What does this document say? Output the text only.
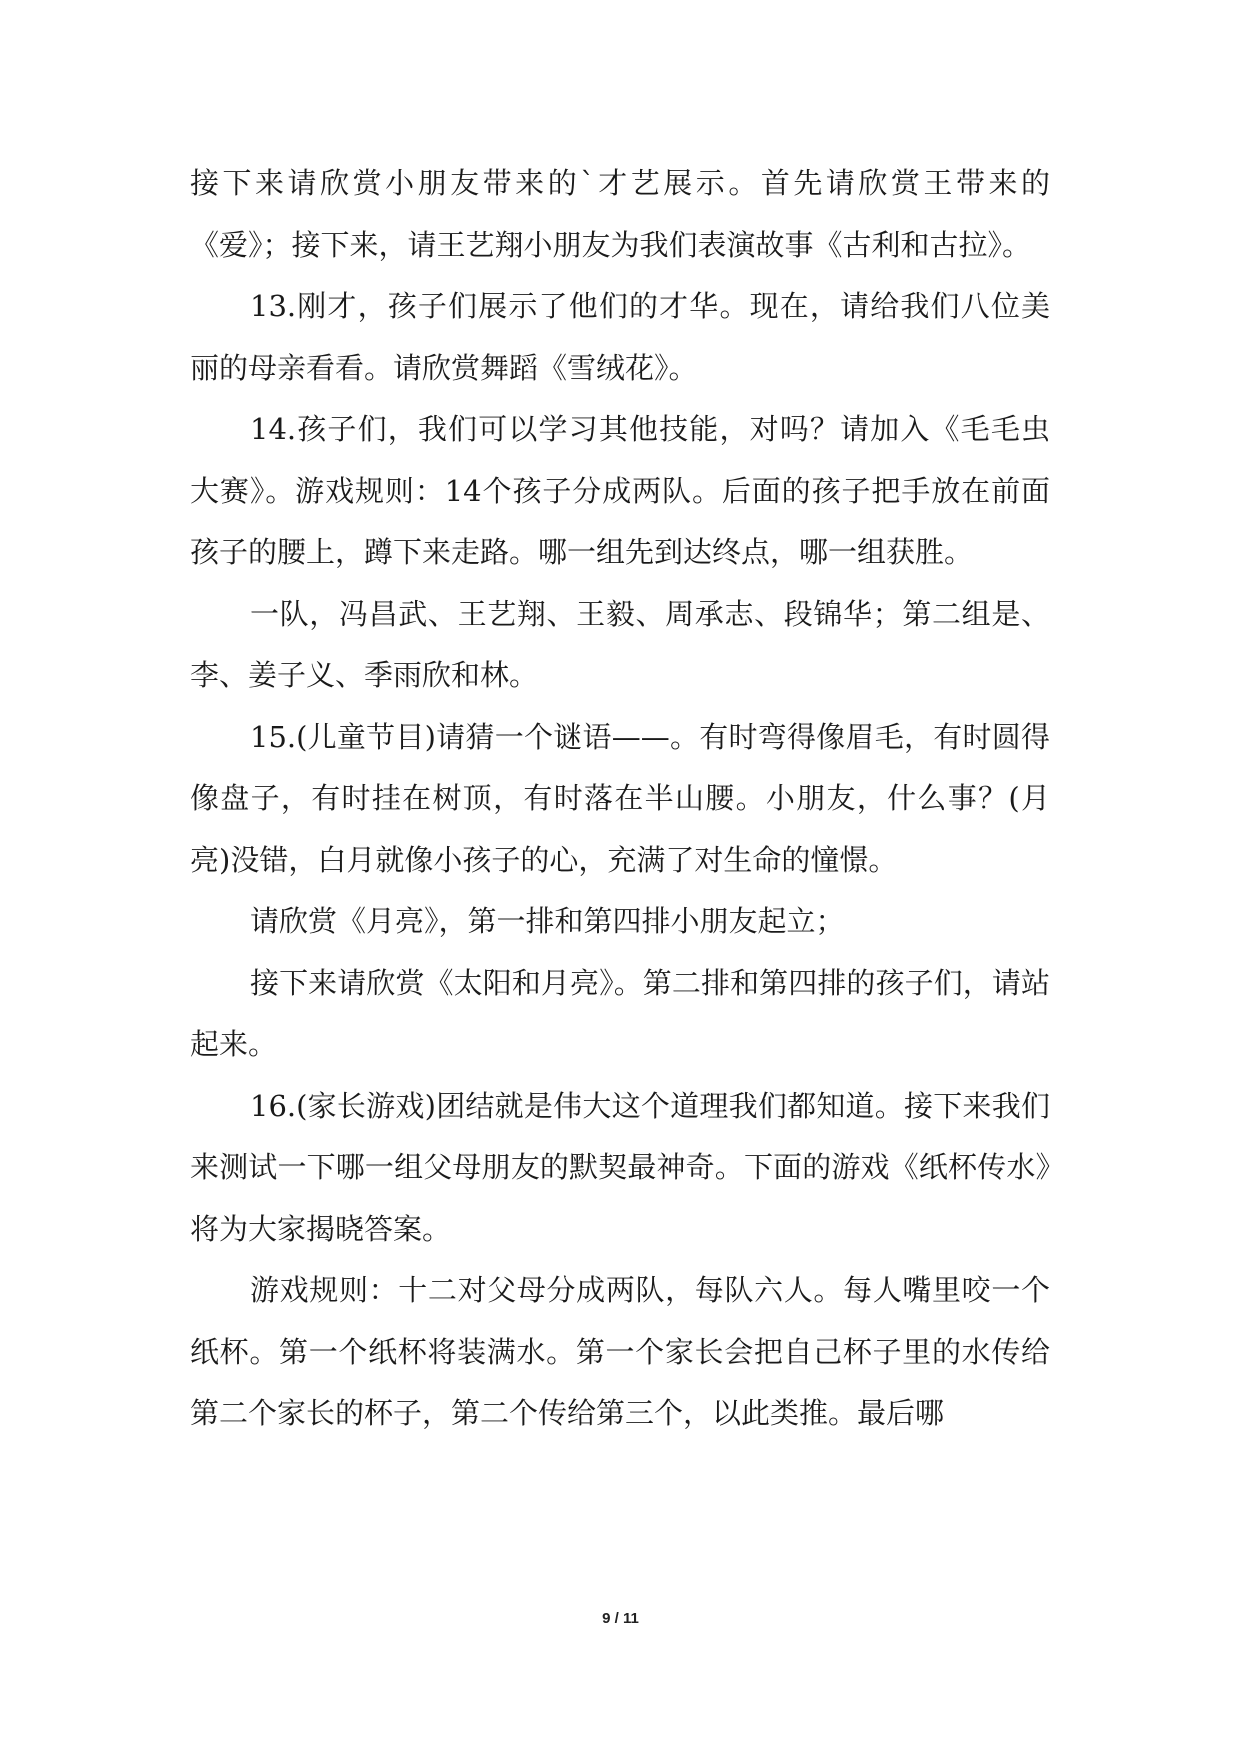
接下来请欣赏小朋友带来的`才艺展示。首先请欣赏王带来的《爱》；接下来，请王艺翔小朋友为我们表演故事《古利和古拉》。

13.刚才，孩子们展示了他们的才华。现在，请给我们八位美丽的母亲看看。请欣赏舞蹈《雪绒花》。

14.孩子们，我们可以学习其他技能，对吗？请加入《毛毛虫大赛》。游戏规则：14个孩子分成两队。后面的孩子把手放在前面孩子的腰上，蹲下来走路。哪一组先到达终点，哪一组获胜。

一队，冯昌武、王艺翔、王毅、周承志、段锦华；第二组是、李、姜子义、季雨欣和林。

15.(儿童节目)请猜一个谜语——。有时弯得像眉毛，有时圆得像盘子，有时挂在树顶，有时落在半山腰。小朋友，什么事？(月亮)没错，白月就像小孩子的心，充满了对生命的憧憬。

请欣赏《月亮》，第一排和第四排小朋友起立；

接下来请欣赏《太阳和月亮》。第二排和第四排的孩子们，请站起来。

16.(家长游戏)团结就是伟大这个道理我们都知道。接下来我们来测试一下哪一组父母朋友的默契最神奇。下面的游戏《纸杯传水》将为大家揭晓答案。

游戏规则：十二对父母分成两队，每队六人。每人嘴里咬一个纸杯。第一个纸杯将装满水。第一个家长会把自己杯子里的水传给第二个家长的杯子，第二个传给第三个，以此类推。最后哪

9 / 11
